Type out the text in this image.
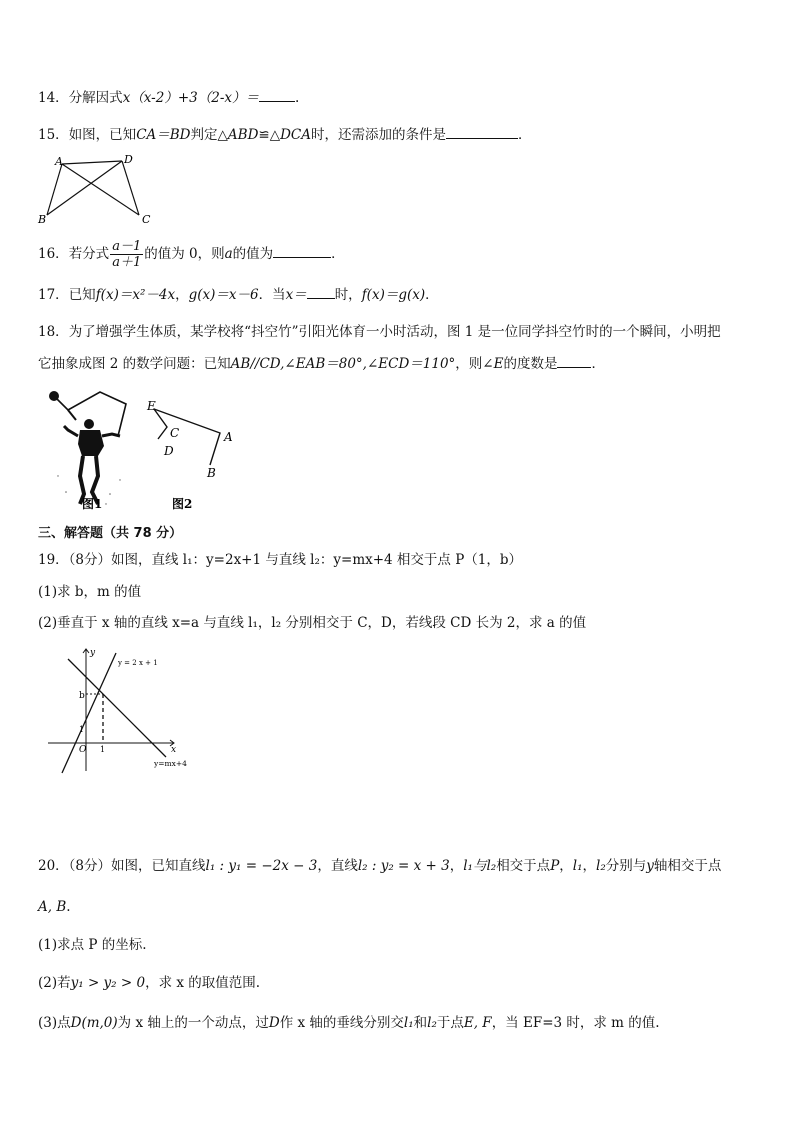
14．分解因式x（x-2）+3（2-x）＝	.
15．如图，已知CA＝BD判定△ABD≌△DCA时，还需添加的条件是	．
A	D
B	C
16．若分式 $\frac{a-1}{a+1}$ 的值为 0，则a的值为	．
17．已知f(x)＝x²－4x，g(x)＝x－6．当x＝ 时，f(x)＝g(x)．
18．为了增强学生体质，某学校将“抖空竹”引阳光体育一小时活动，图 1 是一位同学抖空竹时的一个瞬间，小明把
它抽象成图 2 的数学问题：已知AB//CD,∠EAB＝80°,∠ECD＝110°，则∠E的度数是	．
图1
E
C
D
A
B
图2
三、解答题（共 78 分）
19．（8分）如图，直线 l₁：y=2x+1 与直线 l₂：y=mx+4 相交于点 P（1，b）
(1)求 b，m 的值
(2)垂直于 x 轴的直线 x=a 与直线 l₁，l₂ 分别相交于 C，D，若线段 CD 长为 2，求 a 的值
y
x
O
b
1
1
y = 2 x + 1
y=mx+4
20．（8分）如图，已知直线l₁ : y₁ = −2x − 3，直线l₂ : y₂ = x + 3，l₁与l₂相交于点P，l₁，l₂分别与y轴相交于点
A, B.
(1)求点 P 的坐标.
(2)若y₁ > y₂ > 0，求 x 的取值范围.
(3)点D(m,0)为 x 轴上的一个动点，过D作 x 轴的垂线分别交l₁和l₂于点E, F，当 EF=3 时，求 m 的值.
